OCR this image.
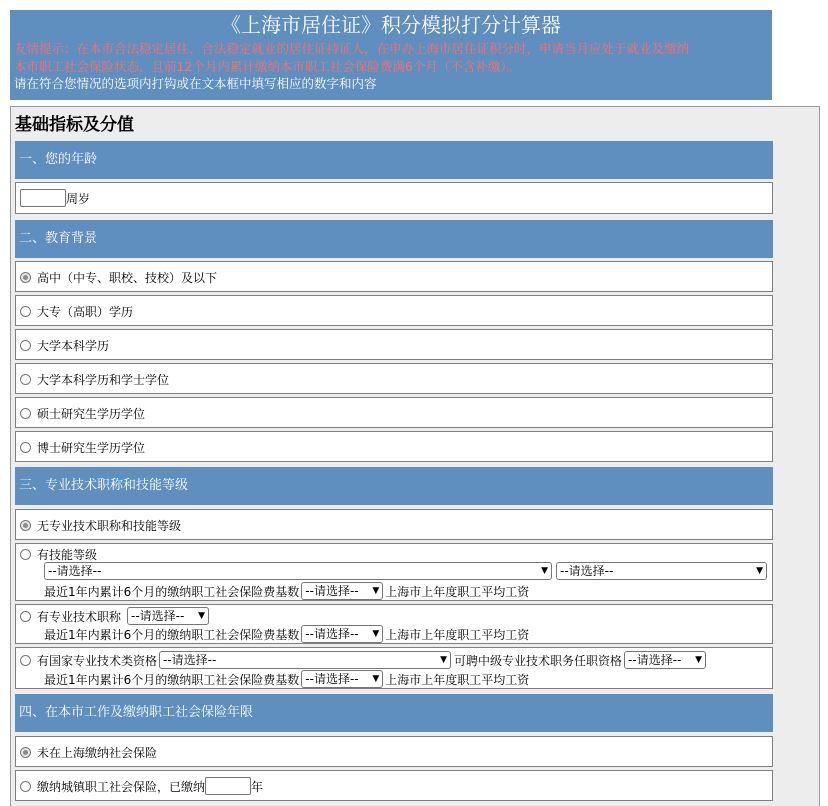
《上海市居住证》积分模拟打分计算器
友情提示：在本市合法稳定居住、合法稳定就业的居住证持证人，在申办上海市居住证积分时，申请当月应处于就业及缴纳
本市职工社会保险状态，且前12个月内累计缴纳本市职工社会保险费满6个月（不含补缴）。
请在符合您情况的选项内打钩或在文本框中填写相应的数字和内容
基础指标及分值
一、您的年龄
周岁
二、教育背景
高中（中专、职校、技校）及以下
大专（高职）学历
大学本科学历
大学本科学历和学士学位
硕士研究生学历学位
博士研究生学历学位
三、专业技术职称和技能等级
无专业技术职称和技能等级
有技能等级
--请选择--	▼	--请选择--	▼
最近1年内累计6个月的缴纳职工社会保险费基数 --请选择-- ▼ 上海市上年度职工平均工资
有专业技术职称 --请选择-- ▼
最近1年内累计6个月的缴纳职工社会保险费基数 --请选择-- ▼ 上海市上年度职工平均工资
有国家专业技术类资格 --请选择--	▼ 可聘中级专业技术职务任职资格 --请选择-- ▼
最近1年内累计6个月的缴纳职工社会保险费基数 --请选择-- ▼ 上海市上年度职工平均工资
四、在本市工作及缴纳职工社会保险年限
未在上海缴纳社会保险
缴纳城镇职工社会保险，已缴纳	年
